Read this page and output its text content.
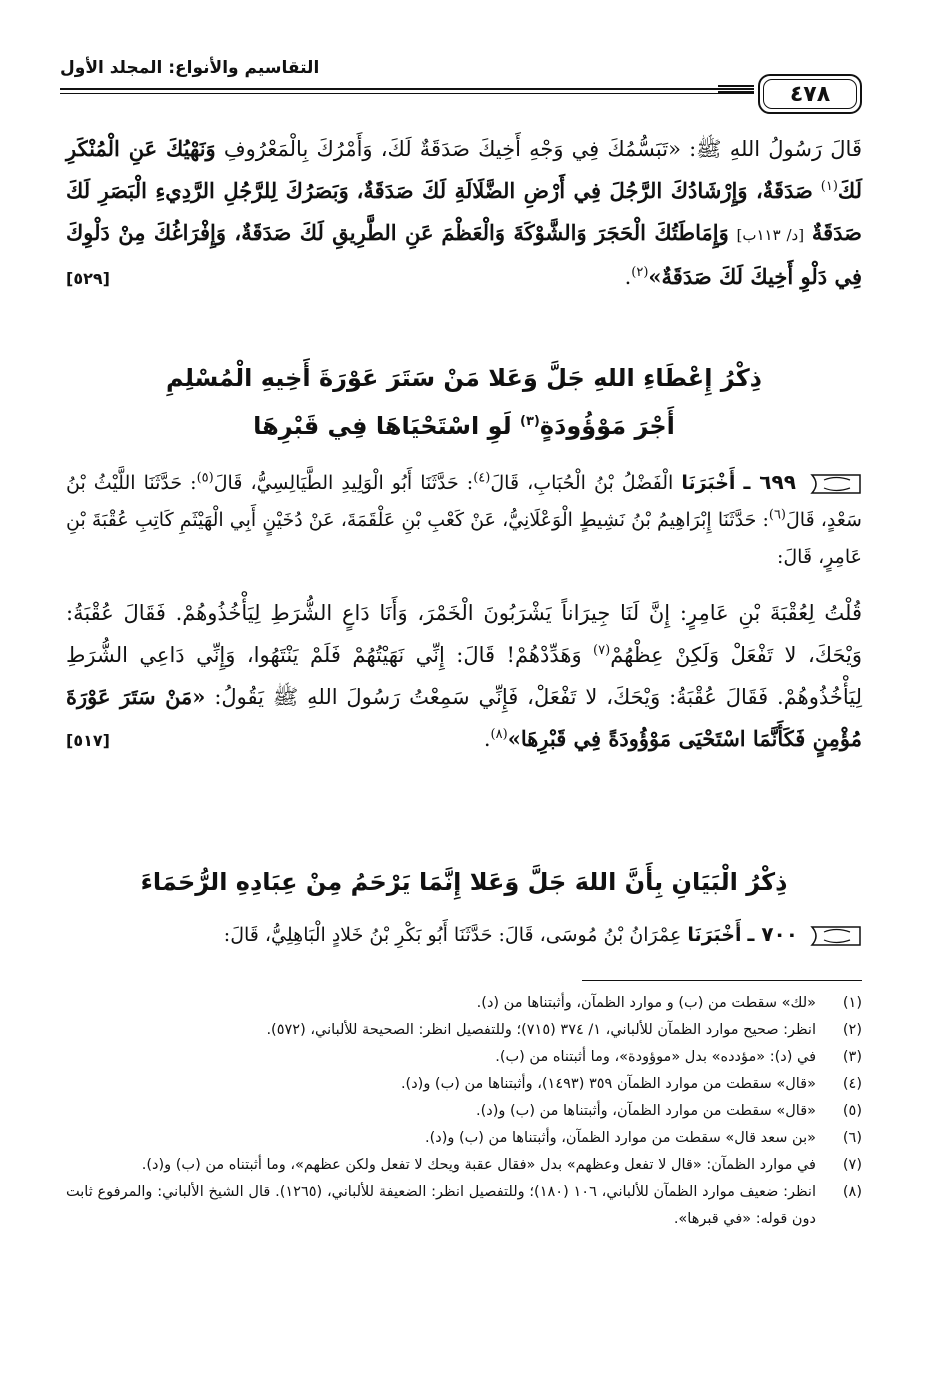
٤٧٨
التقاسيم والأنواع: المجلد الأول
قَالَ رَسُولُ اللهِ ﷺ: «تَبَسُّمُكَ فِي وَجْهِ أَخِيكَ صَدَقَةٌ لَكَ، وَأَمْرُكَ بِالْمَعْرُوفِ وَنَهْيُكَ عَنِ الْمُنْكَرِ لَكَ$^{(١)}$ صَدَقَةٌ، وَإِرْشَادُكَ الرَّجُلَ فِي أَرْضِ الضَّلَالَةِ لَكَ صَدَقَةٌ، وَبَصَرُكَ لِلرَّجُلِ الرَّدِيءِ الْبَصَرِ لَكَ صَدَقَةٌ [د/ ١١٣ب] وَإِمَاطَتُكَ الْحَجَرَ وَالشَّوْكَةَ وَالْعَظْمَ عَنِ الطَّرِيقِ لَكَ صَدَقَةٌ، وَإِفْرَاغُكَ مِنْ دَلْوِكَ فِي دَلْوِ أَخِيكَ لَكَ صَدَقَةٌ»$^{(٢)}$.
[٥٢٩]
ذِكْرُ إِعْطَاءِ اللهِ جَلَّ وَعَلا مَنْ سَتَرَ عَوْرَةَ أَخِيهِ الْمُسْلِمِ
أَجْرَ مَوْؤُودَةٍ$^{(٣)}$ لَوِ اسْتَحْيَاهَا فِي قَبْرِهَا
٦٩٩ ـ أَخْبَرَنَا الْفَضْلُ بْنُ الْحُبَابِ، قَالَ$^{(٤)}$: حَدَّثَنَا أَبُو الْوَلِيدِ الطَّيَالِسِيُّ، قَالَ$^{(٥)}$: حَدَّثَنَا اللَّيْثُ بْنُ سَعْدٍ، قَالَ$^{(٦)}$: حَدَّثَنَا إِبْرَاهِيمُ بْنُ نَشِيطٍ الْوَعْلَانِيُّ، عَنْ كَعْبِ بْنِ عَلْقَمَةَ، عَنْ دُخَيْنٍ أَبِي الْهَيْثَمِ كَاتِبِ عُقْبَةَ بْنِ عَامِرٍ، قَالَ:
قُلْتُ لِعُقْبَةَ بْنِ عَامِرٍ: إِنَّ لَنَا جِيرَاناً يَشْرَبُونَ الْخَمْرَ، وَأَنَا دَاعٍ الشُّرَطِ لِيَأْخُذُوهُمْ. فَقَالَ عُقْبَةُ: وَيْحَكَ، لا تَفْعَلْ وَلَكِنْ عِظْهُمْ$^{(٧)}$ وَهَدِّدْهُمْ! قَالَ: إِنِّي نَهَيْتُهُمْ فَلَمْ يَنْتَهُوا، وَإِنِّي دَاعِي الشُّرَطِ لِيَأْخُذُوهُمْ. فَقَالَ عُقْبَةُ: وَيْحَكَ، لا تَفْعَلْ، فَإِنِّي سَمِعْتُ رَسُولَ اللهِ ﷺ يَقُولُ: «مَنْ سَتَرَ عَوْرَةَ مُؤْمِنٍ فَكَأَنَّمَا اسْتَحْيَى مَوْؤُودَةً فِي قَبْرِهَا»$^{(٨)}$.
[٥١٧]
ذِكْرُ الْبَيَانِ بِأَنَّ اللهَ جَلَّ وَعَلا إِنَّمَا يَرْحَمُ مِنْ عِبَادِهِ الرُّحَمَاءَ
٧٠٠ ـ أَخْبَرَنَا عِمْرَانُ بْنُ مُوسَى، قَالَ: حَدَّثَنَا أَبُو بَكْرِ بْنُ خَلادٍ الْبَاهِلِيُّ، قَالَ:
(١)
«لك» سقطت من (ب) و موارد الظمآن، وأثبتناها من (د).
(٢)
انظر: صحيح موارد الظمآن للألباني، ١/ ٣٧٤ (٧١٥)؛ وللتفصيل انظر: الصحيحة للألباني، (٥٧٢).
(٣)
في (د): «مؤدده» بدل «موؤودة»، وما أثبتناه من (ب).
(٤)
«قال» سقطت من موارد الظمآن ٣٥٩ (١٤٩٣)، وأثبتناها من (ب) و(د).
(٥)
«قال» سقطت من موارد الظمآن، وأثبتناها من (ب) و(د).
(٦)
«بن سعد قال» سقطت من موارد الظمآن، وأثبتناها من (ب) و(د).
(٧)
في موارد الظمآن: «قال لا تفعل وعظهم» بدل «فقال عقبة ويحك لا تفعل ولكن عظهم»، وما أثبتناه من (ب) و(د).
(٨)
انظر: ضعيف موارد الظمآن للألباني، ١٠٦ (١٨٠)؛ وللتفصيل انظر: الضعيفة للألباني، (١٢٦٥). قال الشيخ الألباني: والمرفوع ثابت دون قوله: «في قبرها».
